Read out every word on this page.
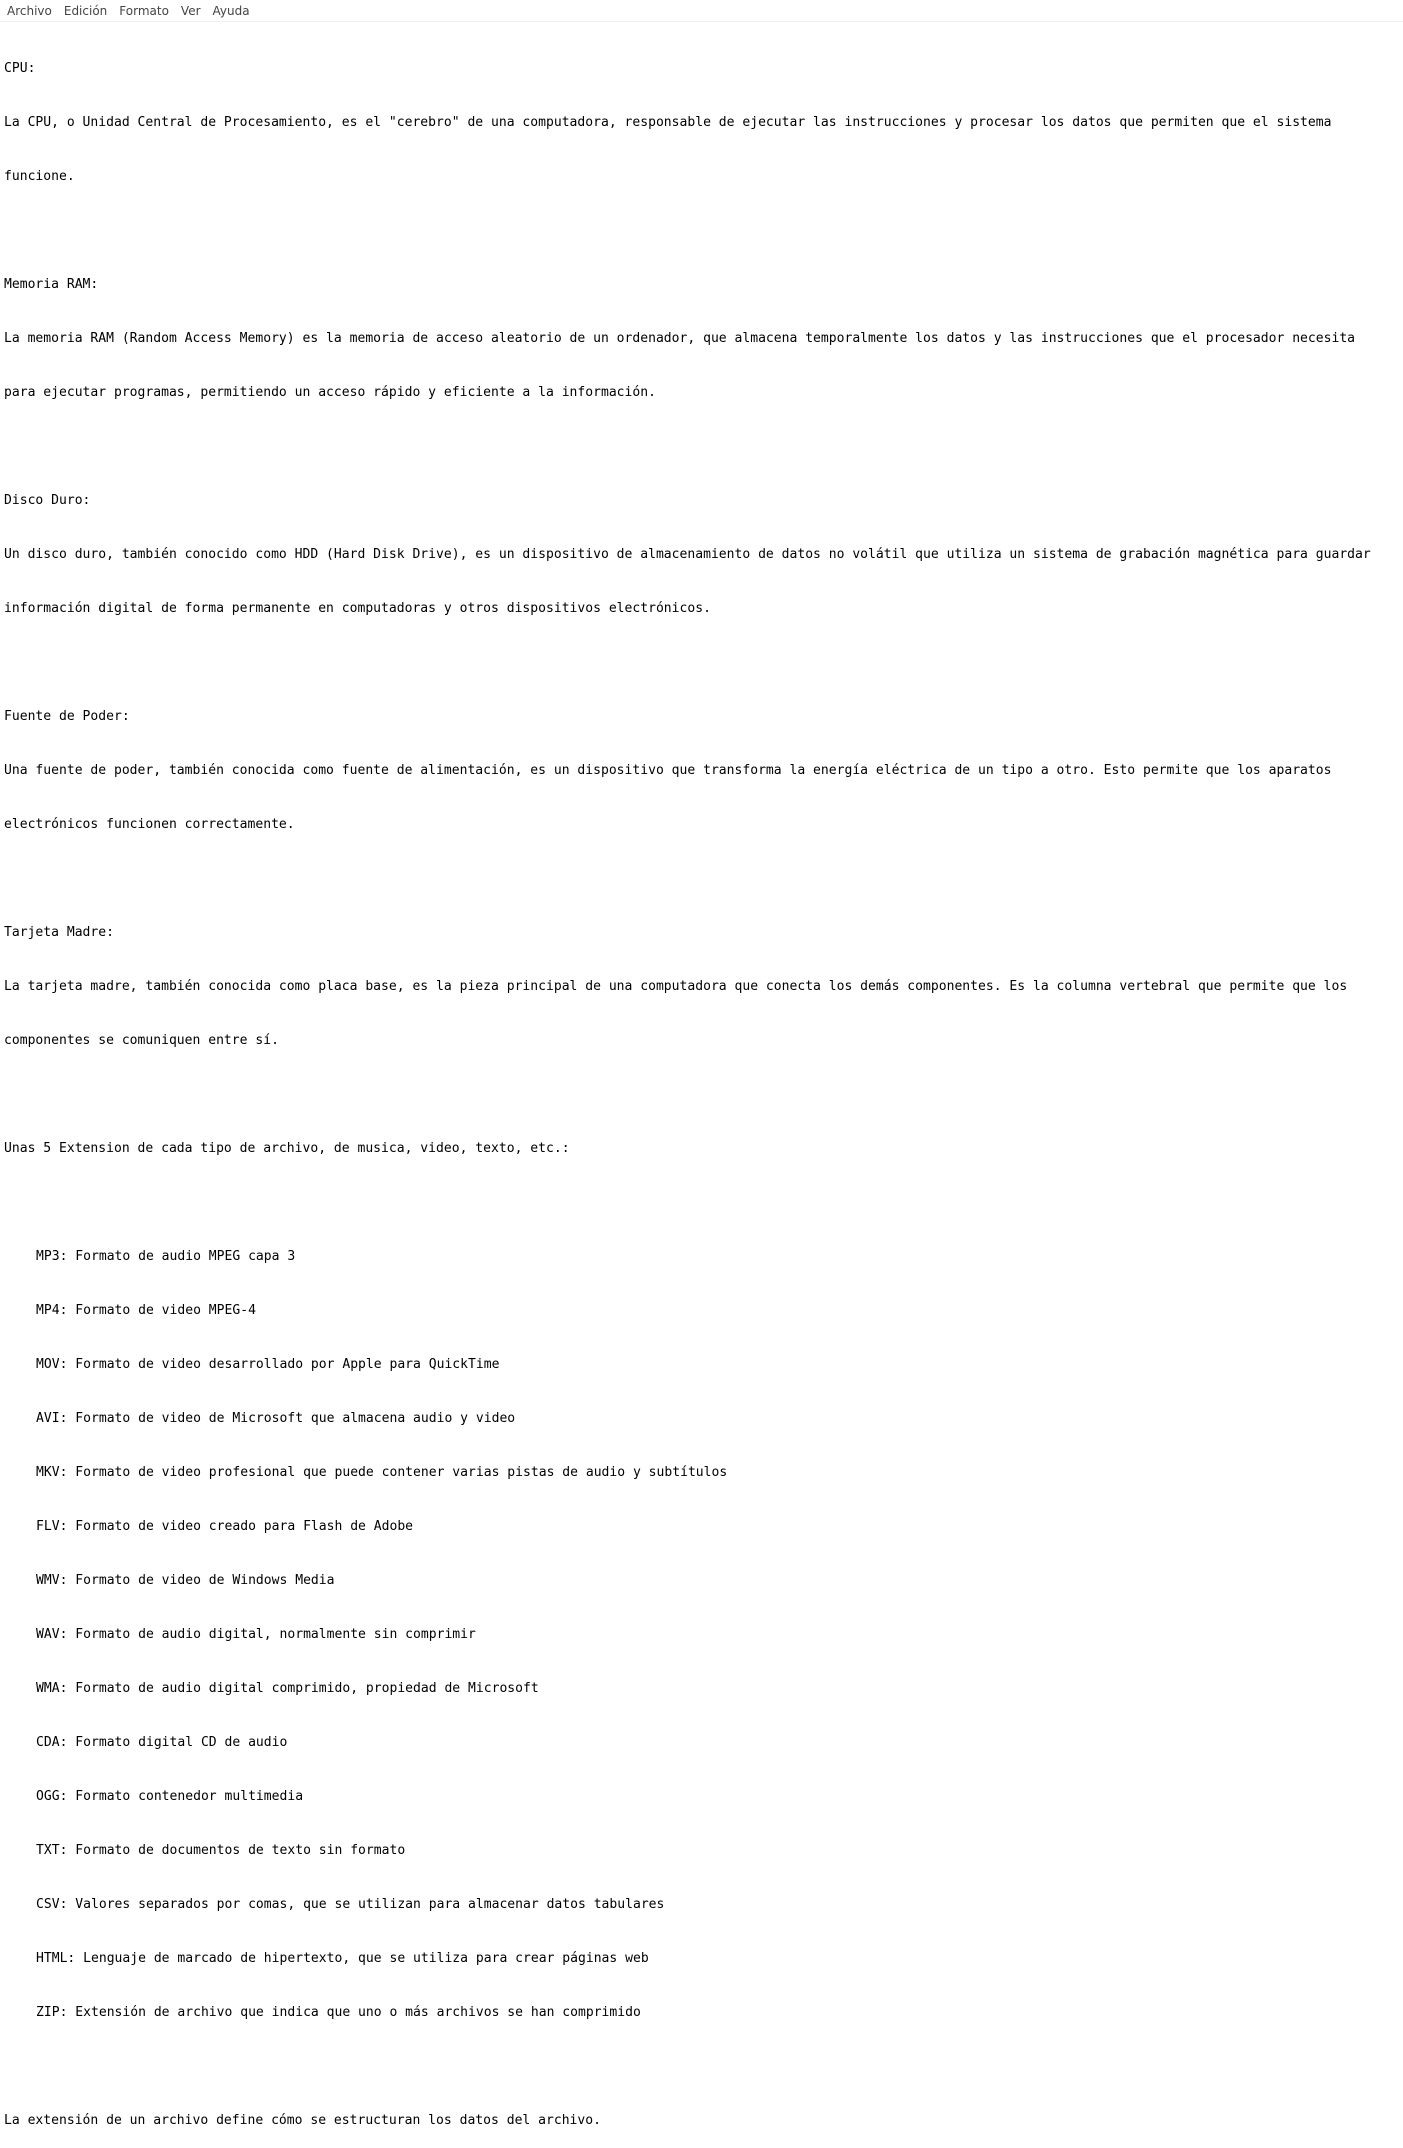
Archivo	Edición	Formato	Ver	Ayuda

CPU:

La CPU, o Unidad Central de Procesamiento, es el "cerebro" de una computadora, responsable de ejecutar las instrucciones y procesar los datos que permiten que el sistema

funcione.

Memoria RAM:

La memoria RAM (Random Access Memory) es la memoria de acceso aleatorio de un ordenador, que almacena temporalmente los datos y las instrucciones que el procesador necesita

para ejecutar programas, permitiendo un acceso rápido y eficiente a la información.

Disco Duro:

Un disco duro, también conocido como HDD (Hard Disk Drive), es un dispositivo de almacenamiento de datos no volátil que utiliza un sistema de grabación magnética para guardar

información digital de forma permanente en computadoras y otros dispositivos electrónicos.

Fuente de Poder:

Una fuente de poder, también conocida como fuente de alimentación, es un dispositivo que transforma la energía eléctrica de un tipo a otro. Esto permite que los aparatos

electrónicos funcionen correctamente.

Tarjeta Madre:

La tarjeta madre, también conocida como placa base, es la pieza principal de una computadora que conecta los demás componentes. Es la columna vertebral que permite que los

componentes se comuniquen entre sí.

Unas 5 Extension de cada tipo de archivo, de musica, video, texto, etc.:

MP3: Formato de audio MPEG capa 3

MP4: Formato de video MPEG-4

MOV: Formato de video desarrollado por Apple para QuickTime

AVI: Formato de video de Microsoft que almacena audio y video

MKV: Formato de video profesional que puede contener varias pistas de audio y subtítulos

FLV: Formato de video creado para Flash de Adobe

WMV: Formato de video de Windows Media

WAV: Formato de audio digital, normalmente sin comprimir

WMA: Formato de audio digital comprimido, propiedad de Microsoft

CDA: Formato digital CD de audio

OGG: Formato contenedor multimedia

TXT: Formato de documentos de texto sin formato

CSV: Valores separados por comas, que se utilizan para almacenar datos tabulares

HTML: Lenguaje de marcado de hipertexto, que se utiliza para crear páginas web

ZIP: Extensión de archivo que indica que uno o más archivos se han comprimido

La extensión de un archivo define cómo se estructuran los datos del archivo.
